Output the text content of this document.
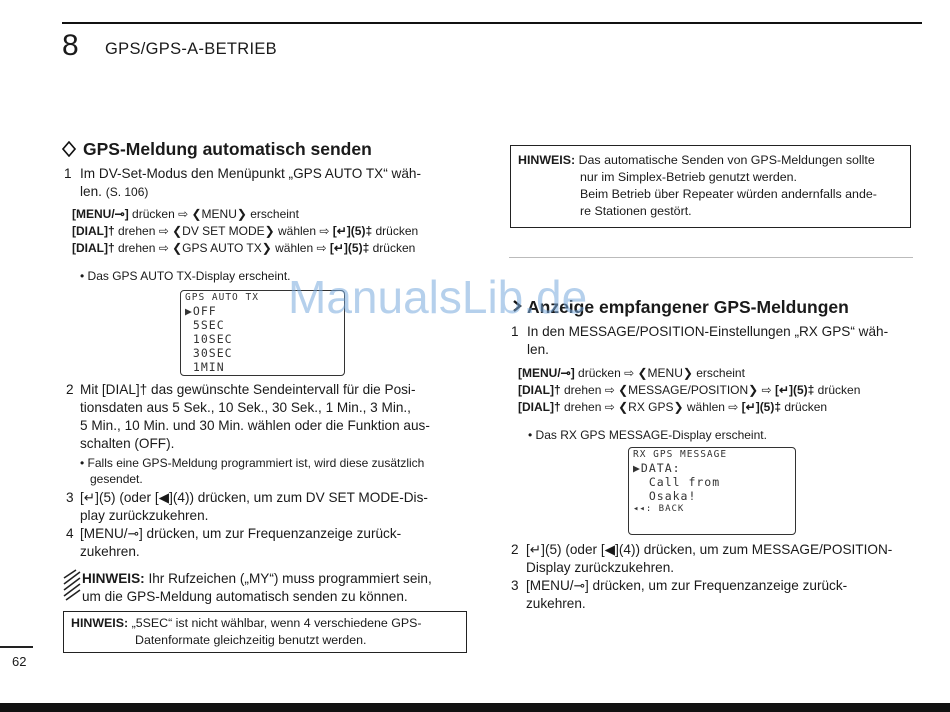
8 GPS/GPS-A-BETRIEB
GPS-Meldung automatisch senden
1 Im DV-Set-Modus den Menüpunkt „GPS AUTO TX“ wäh-
len. (S. 106)
[MENU/⊸] drücken ⇨ ❮MENU❯ erscheint
[DIAL]† drehen ⇨ ❮DV SET MODE❯ wählen ⇨ [↵](5)‡ drücken
[DIAL]† drehen ⇨ ❮GPS AUTO TX❯ wählen ⇨ [↵](5)‡ drücken
• Das GPS AUTO TX-Display erscheint.
GPS AUTO TX
▶OFF
5SEC
10SEC
30SEC
1MIN
2 Mit [DIAL]† das gewünschte Sendeintervall für die Posi-
tionsdaten aus 5 Sek., 10 Sek., 30 Sek., 1 Min., 3 Min.,
5 Min., 10 Min. und 30 Min. wählen oder die Funktion aus-
schalten (OFF).
• Falls eine GPS-Meldung programmiert ist, wird diese zusätzlich
gesendet.
3 [↵](5) (oder [◀](4)) drücken, um zum DV SET MODE-Dis-
play zurückzukehren.
4 [MENU/⊸] drücken, um zur Frequenzanzeige zurück-
zukehren.
HINWEIS: Ihr Rufzeichen („MY“) muss programmiert sein,
um die GPS-Meldung automatisch senden zu können.
HINWEIS: „5SEC“ ist nicht wählbar, wenn 4 verschiedene GPS-
Datenformate gleichzeitig benutzt werden.
HINWEIS: Das automatische Senden von GPS-Meldungen sollte
nur im Simplex-Betrieb genutzt werden.
Beim Betrieb über Repeater würden andernfalls ande-
re Stationen gestört.
Anzeige empfangener GPS-Meldungen
1 In den MESSAGE/POSITION-Einstellungen „RX GPS“ wäh-
len.
[MENU/⊸] drücken ⇨ ❮MENU❯ erscheint
[DIAL]† drehen ⇨ ❮MESSAGE/POSITION❯ ⇨ [↵](5)‡ drücken
[DIAL]† drehen ⇨ ❮RX GPS❯ wählen ⇨ [↵](5)‡ drücken
• Das RX GPS MESSAGE-Display erscheint.
RX GPS MESSAGE
▶DATA:
Call from
Osaka!
◂◂: BACK
2 [↵](5) (oder [◀](4)) drücken, um zum MESSAGE/POSITION-
Display zurückzukehren.
3 [MENU/⊸] drücken, um zur Frequenzanzeige zurück-
zukehren.
ManualsLib.de
62
